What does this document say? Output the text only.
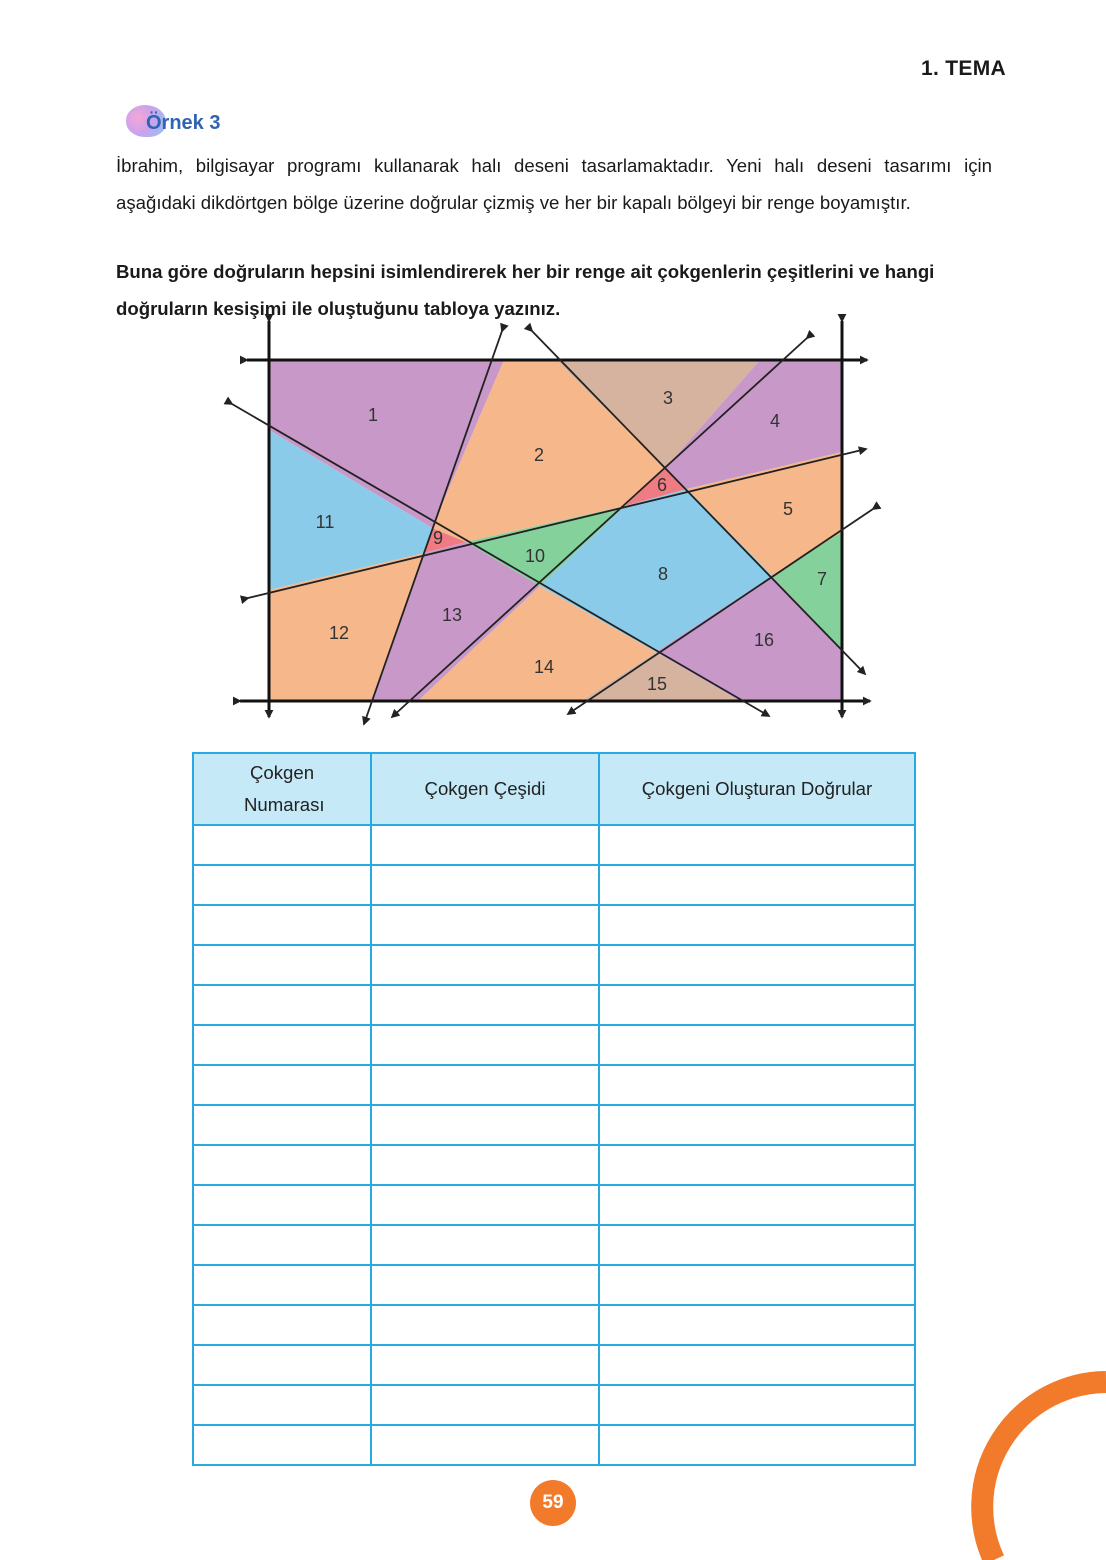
1. TEMA
Örnek 3

İbrahim, bilgisayar programı kullanarak halı deseni tasarlamaktadır. Yeni halı deseni tasarımı için aşağıdaki dikdörtgen bölge üzerine doğrular çizmiş ve her bir kapalı bölgeyi bir renge boyamıştır.

Buna göre doğruların hepsini isimlendirerek her bir renge ait çokgenlerin çeşitlerini ve hangi doğruların kesişimi ile oluştuğunu tabloya yazınız.

1
2
3
4
5
6
7
8
9
10
11
12
13
14
15
16
Çokgen Numarası	Çokgen Çeşidi	Çokgeni Oluşturan Doğrular

59
